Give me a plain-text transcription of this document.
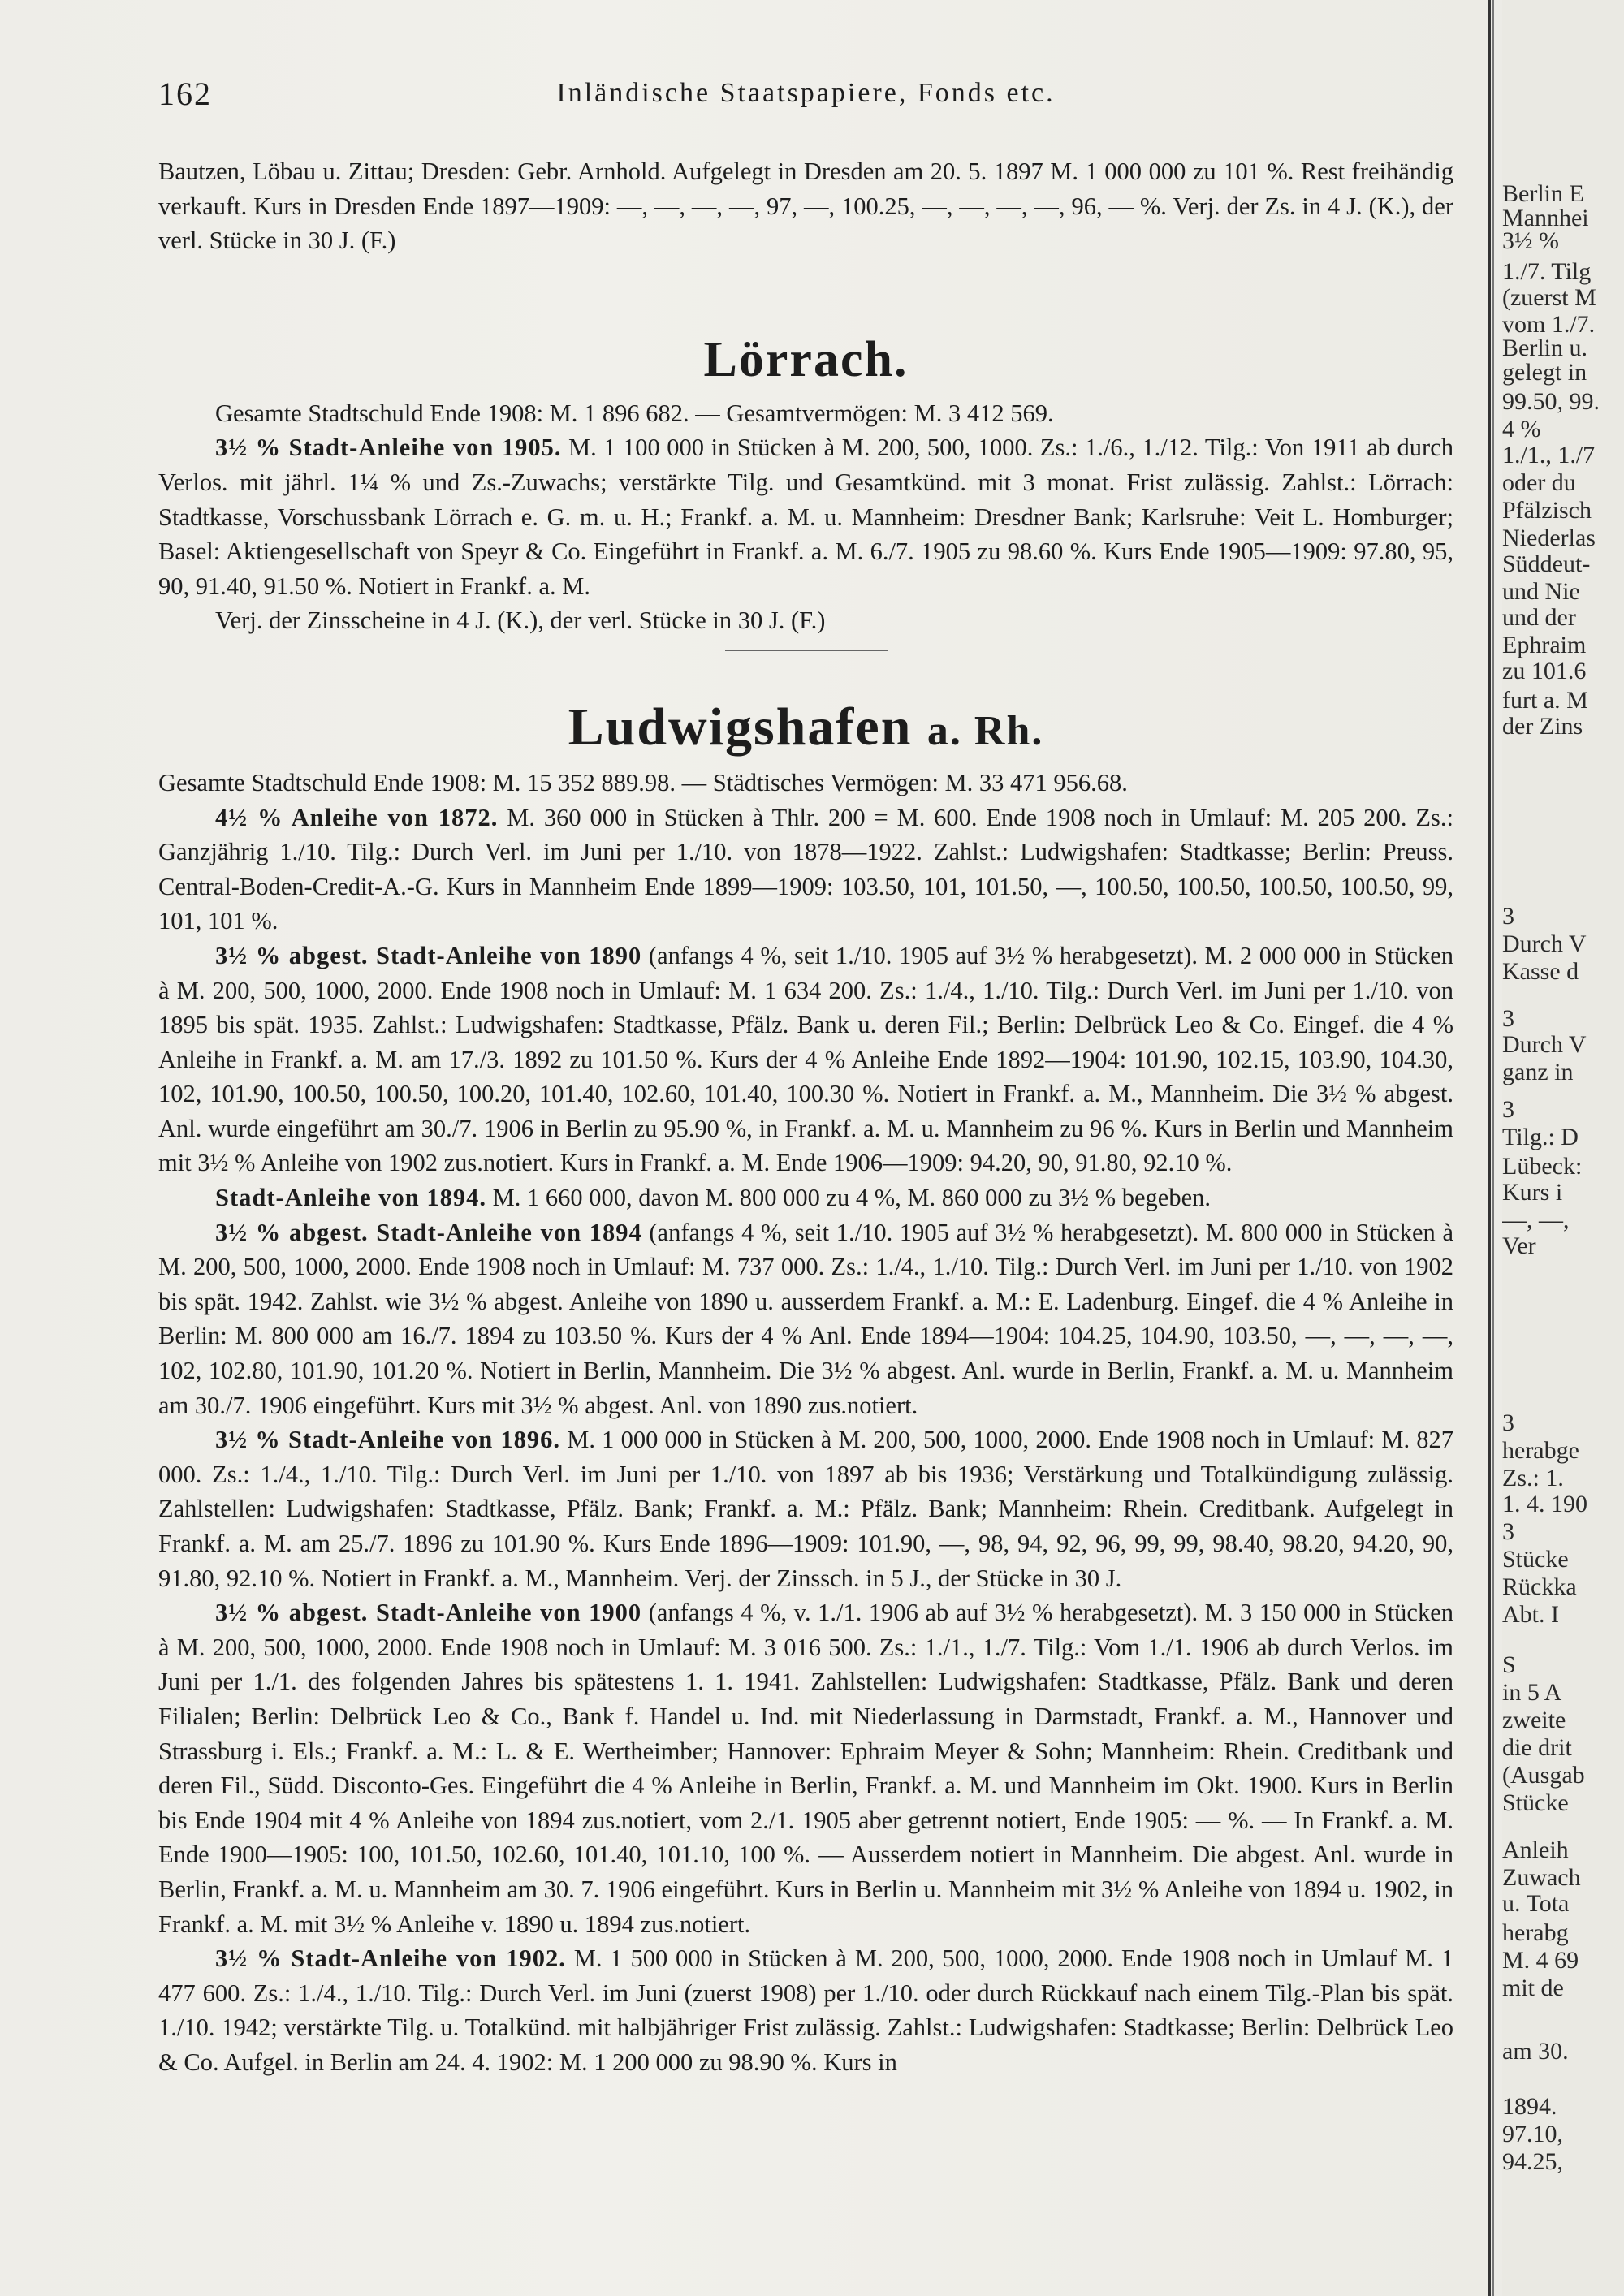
162	Inländische Staatspapiere, Fonds etc.

Bautzen, Löbau u. Zittau; Dresden: Gebr. Arnhold. Aufgelegt in Dresden am 20. 5. 1897 M. 1 000 000 zu 101 %. Rest freihändig verkauft. Kurs in Dresden Ende 1897—1909: —, —, —, —, 97, —, 100.25, —, —, —, —, 96, — %. Verj. der Zs. in 4 J. (K.), der verl. Stücke in 30 J. (F.)

Lörrach.

Gesamte Stadtschuld Ende 1908: M. 1 896 682. — Gesamtvermögen: M. 3 412 569.

3½ % Stadt-Anleihe von 1905. M. 1 100 000 in Stücken à M. 200, 500, 1000. Zs.: 1./6., 1./12. Tilg.: Von 1911 ab durch Verlos. mit jährl. 1¼ % und Zs.-Zuwachs; verstärkte Tilg. und Gesamtkünd. mit 3 monat. Frist zulässig. Zahlst.: Lörrach: Stadtkasse, Vorschussbank Lörrach e. G. m. u. H.; Frankf. a. M. u. Mannheim: Dresdner Bank; Karlsruhe: Veit L. Homburger; Basel: Aktiengesellschaft von Speyr & Co. Eingeführt in Frankf. a. M. 6./7. 1905 zu 98.60 %. Kurs Ende 1905—1909: 97.80, 95, 90, 91.40, 91.50 %. Notiert in Frankf. a. M.

Verj. der Zinsscheine in 4 J. (K.), der verl. Stücke in 30 J. (F.)

Ludwigshafen a. Rh.

Gesamte Stadtschuld Ende 1908: M. 15 352 889.98. — Städtisches Vermögen: M. 33 471 956.68.

4½ % Anleihe von 1872. M. 360 000 in Stücken à Thlr. 200 = M. 600. Ende 1908 noch in Umlauf: M. 205 200. Zs.: Ganzjährig 1./10. Tilg.: Durch Verl. im Juni per 1./10. von 1878—1922. Zahlst.: Ludwigshafen: Stadtkasse; Berlin: Preuss. Central-Boden-Credit-A.-G. Kurs in Mannheim Ende 1899—1909: 103.50, 101, 101.50, —, 100.50, 100.50, 100.50, 100.50, 99, 101, 101 %.

3½ % abgest. Stadt-Anleihe von 1890 (anfangs 4 %, seit 1./10. 1905 auf 3½ % herabgesetzt). M. 2 000 000 in Stücken à M. 200, 500, 1000, 2000. Ende 1908 noch in Umlauf: M. 1 634 200. Zs.: 1./4., 1./10. Tilg.: Durch Verl. im Juni per 1./10. von 1895 bis spät. 1935. Zahlst.: Ludwigshafen: Stadtkasse, Pfälz. Bank u. deren Fil.; Berlin: Delbrück Leo & Co. Eingef. die 4 % Anleihe in Frankf. a. M. am 17./3. 1892 zu 101.50 %. Kurs der 4 % Anleihe Ende 1892—1904: 101.90, 102.15, 103.90, 104.30, 102, 101.90, 100.50, 100.50, 100.20, 101.40, 102.60, 101.40, 100.30 %. Notiert in Frankf. a. M., Mannheim. Die 3½ % abgest. Anl. wurde eingeführt am 30./7. 1906 in Berlin zu 95.90 %, in Frankf. a. M. u. Mannheim zu 96 %. Kurs in Berlin und Mannheim mit 3½ % Anleihe von 1902 zus.notiert. Kurs in Frankf. a. M. Ende 1906—1909: 94.20, 90, 91.80, 92.10 %.

Stadt-Anleihe von 1894. M. 1 660 000, davon M. 800 000 zu 4 %, M. 860 000 zu 3½ % begeben.

3½ % abgest. Stadt-Anleihe von 1894 (anfangs 4 %, seit 1./10. 1905 auf 3½ % herabgesetzt). M. 800 000 in Stücken à M. 200, 500, 1000, 2000. Ende 1908 noch in Umlauf: M. 737 000. Zs.: 1./4., 1./10. Tilg.: Durch Verl. im Juni per 1./10. von 1902 bis spät. 1942. Zahlst. wie 3½ % abgest. Anleihe von 1890 u. ausserdem Frankf. a. M.: E. Ladenburg. Eingef. die 4 % Anleihe in Berlin: M. 800 000 am 16./7. 1894 zu 103.50 %. Kurs der 4 % Anl. Ende 1894—1904: 104.25, 104.90, 103.50, —, —, —, —, 102, 102.80, 101.90, 101.20 %. Notiert in Berlin, Mannheim. Die 3½ % abgest. Anl. wurde in Berlin, Frankf. a. M. u. Mannheim am 30./7. 1906 eingeführt. Kurs mit 3½ % abgest. Anl. von 1890 zus.notiert.

3½ % Stadt-Anleihe von 1896. M. 1 000 000 in Stücken à M. 200, 500, 1000, 2000. Ende 1908 noch in Umlauf: M. 827 000. Zs.: 1./4., 1./10. Tilg.: Durch Verl. im Juni per 1./10. von 1897 ab bis 1936; Verstärkung und Totalkündigung zulässig. Zahlstellen: Ludwigshafen: Stadtkasse, Pfälz. Bank; Frankf. a. M.: Pfälz. Bank; Mannheim: Rhein. Creditbank. Aufgelegt in Frankf. a. M. am 25./7. 1896 zu 101.90 %. Kurs Ende 1896—1909: 101.90, —, 98, 94, 92, 96, 99, 99, 98.40, 98.20, 94.20, 90, 91.80, 92.10 %. Notiert in Frankf. a. M., Mannheim. Verj. der Zinssch. in 5 J., der Stücke in 30 J.

3½ % abgest. Stadt-Anleihe von 1900 (anfangs 4 %, v. 1./1. 1906 ab auf 3½ % herabgesetzt). M. 3 150 000 in Stücken à M. 200, 500, 1000, 2000. Ende 1908 noch in Umlauf: M. 3 016 500. Zs.: 1./1., 1./7. Tilg.: Vom 1./1. 1906 ab durch Verlos. im Juni per 1./1. des folgenden Jahres bis spätestens 1. 1. 1941. Zahlstellen: Ludwigshafen: Stadtkasse, Pfälz. Bank und deren Filialen; Berlin: Delbrück Leo & Co., Bank f. Handel u. Ind. mit Niederlassung in Darmstadt, Frankf. a. M., Hannover und Strassburg i. Els.; Frankf. a. M.: L. & E. Wertheimber; Hannover: Ephraim Meyer & Sohn; Mannheim: Rhein. Creditbank und deren Fil., Südd. Disconto-Ges. Eingeführt die 4 % Anleihe in Berlin, Frankf. a. M. und Mannheim im Okt. 1900. Kurs in Berlin bis Ende 1904 mit 4 % Anleihe von 1894 zus.notiert, vom 2./1. 1905 aber getrennt notiert, Ende 1905: — %. — In Frankf. a. M. Ende 1900—1905: 100, 101.50, 102.60, 101.40, 101.10, 100 %. — Ausserdem notiert in Mannheim. Die abgest. Anl. wurde in Berlin, Frankf. a. M. u. Mannheim am 30. 7. 1906 eingeführt. Kurs in Berlin u. Mannheim mit 3½ % Anleihe von 1894 u. 1902, in Frankf. a. M. mit 3½ % Anleihe v. 1890 u. 1894 zus.notiert.

3½ % Stadt-Anleihe von 1902. M. 1 500 000 in Stücken à M. 200, 500, 1000, 2000. Ende 1908 noch in Umlauf M. 1 477 600. Zs.: 1./4., 1./10. Tilg.: Durch Verl. im Juni (zuerst 1908) per 1./10. oder durch Rückkauf nach einem Tilg.-Plan bis spät. 1./10. 1942; verstärkte Tilg. u. Totalkünd. mit halbjähriger Frist zulässig. Zahlst.: Ludwigshafen: Stadtkasse; Berlin: Delbrück Leo & Co. Aufgel. in Berlin am 24. 4. 1902: M. 1 200 000 zu 98.90 %. Kurs in

Berlin E
Mannhei
3½ %
1./7. Tilg
(zuerst M
vom 1./7.
Berlin u.
gelegt in
99.50, 99.
4 %
1./1., 1./7
oder du
Pfälzisch
Niederlas
Süddeut-
und Nie
und der
Ephraim
zu 101.6
furt a. M
der Zins
3
Durch V
Kasse d
3
Durch V
ganz in
3
Tilg.: D
Lübeck:
Kurs i
—, —,
Ver
3
herabge
Zs.: 1.
1. 4. 190
3
Stücke
Rückka
Abt. I
S
in 5 A
zweite
die drit
(Ausgab
Stücke
Anleih
Zuwach
u. Tota
herabg
M. 4 69
mit de
am 30.
1894.
97.10,
94.25,
